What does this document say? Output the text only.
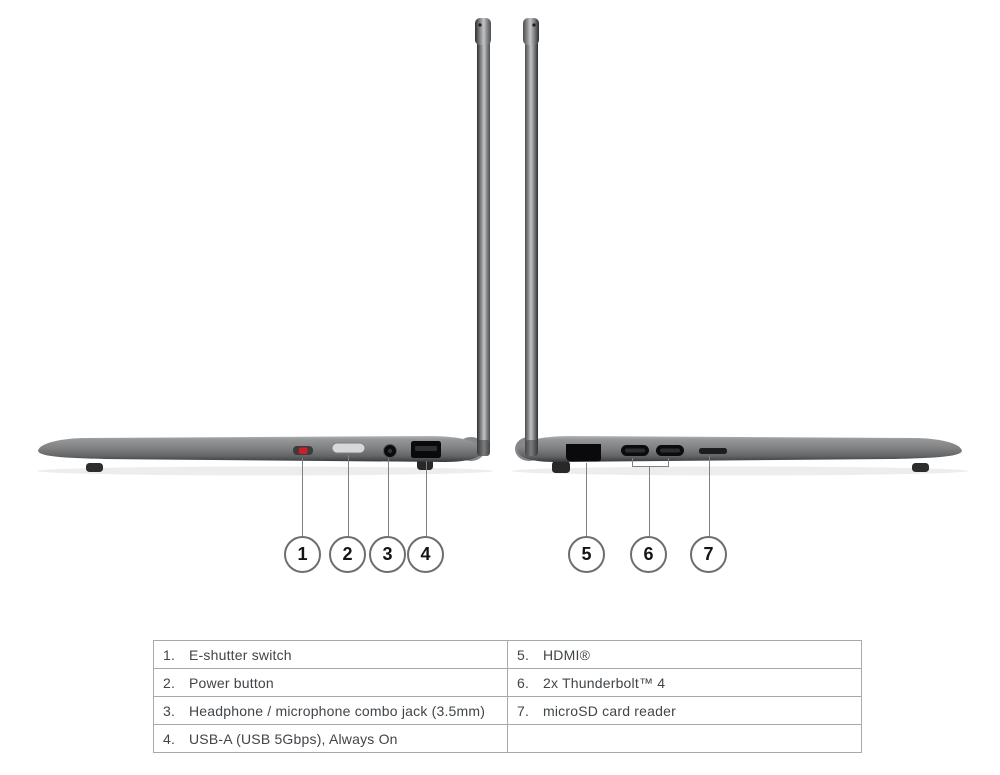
1 2 3 4	5	6	7
1. E-shutter switch	5. HDMI®
2. Power button	6. 2x Thunderbolt™ 4
3. Headphone / microphone combo jack (3.5mm) 7. microSD card reader
4. USB-A (USB 5Gbps), Always On
